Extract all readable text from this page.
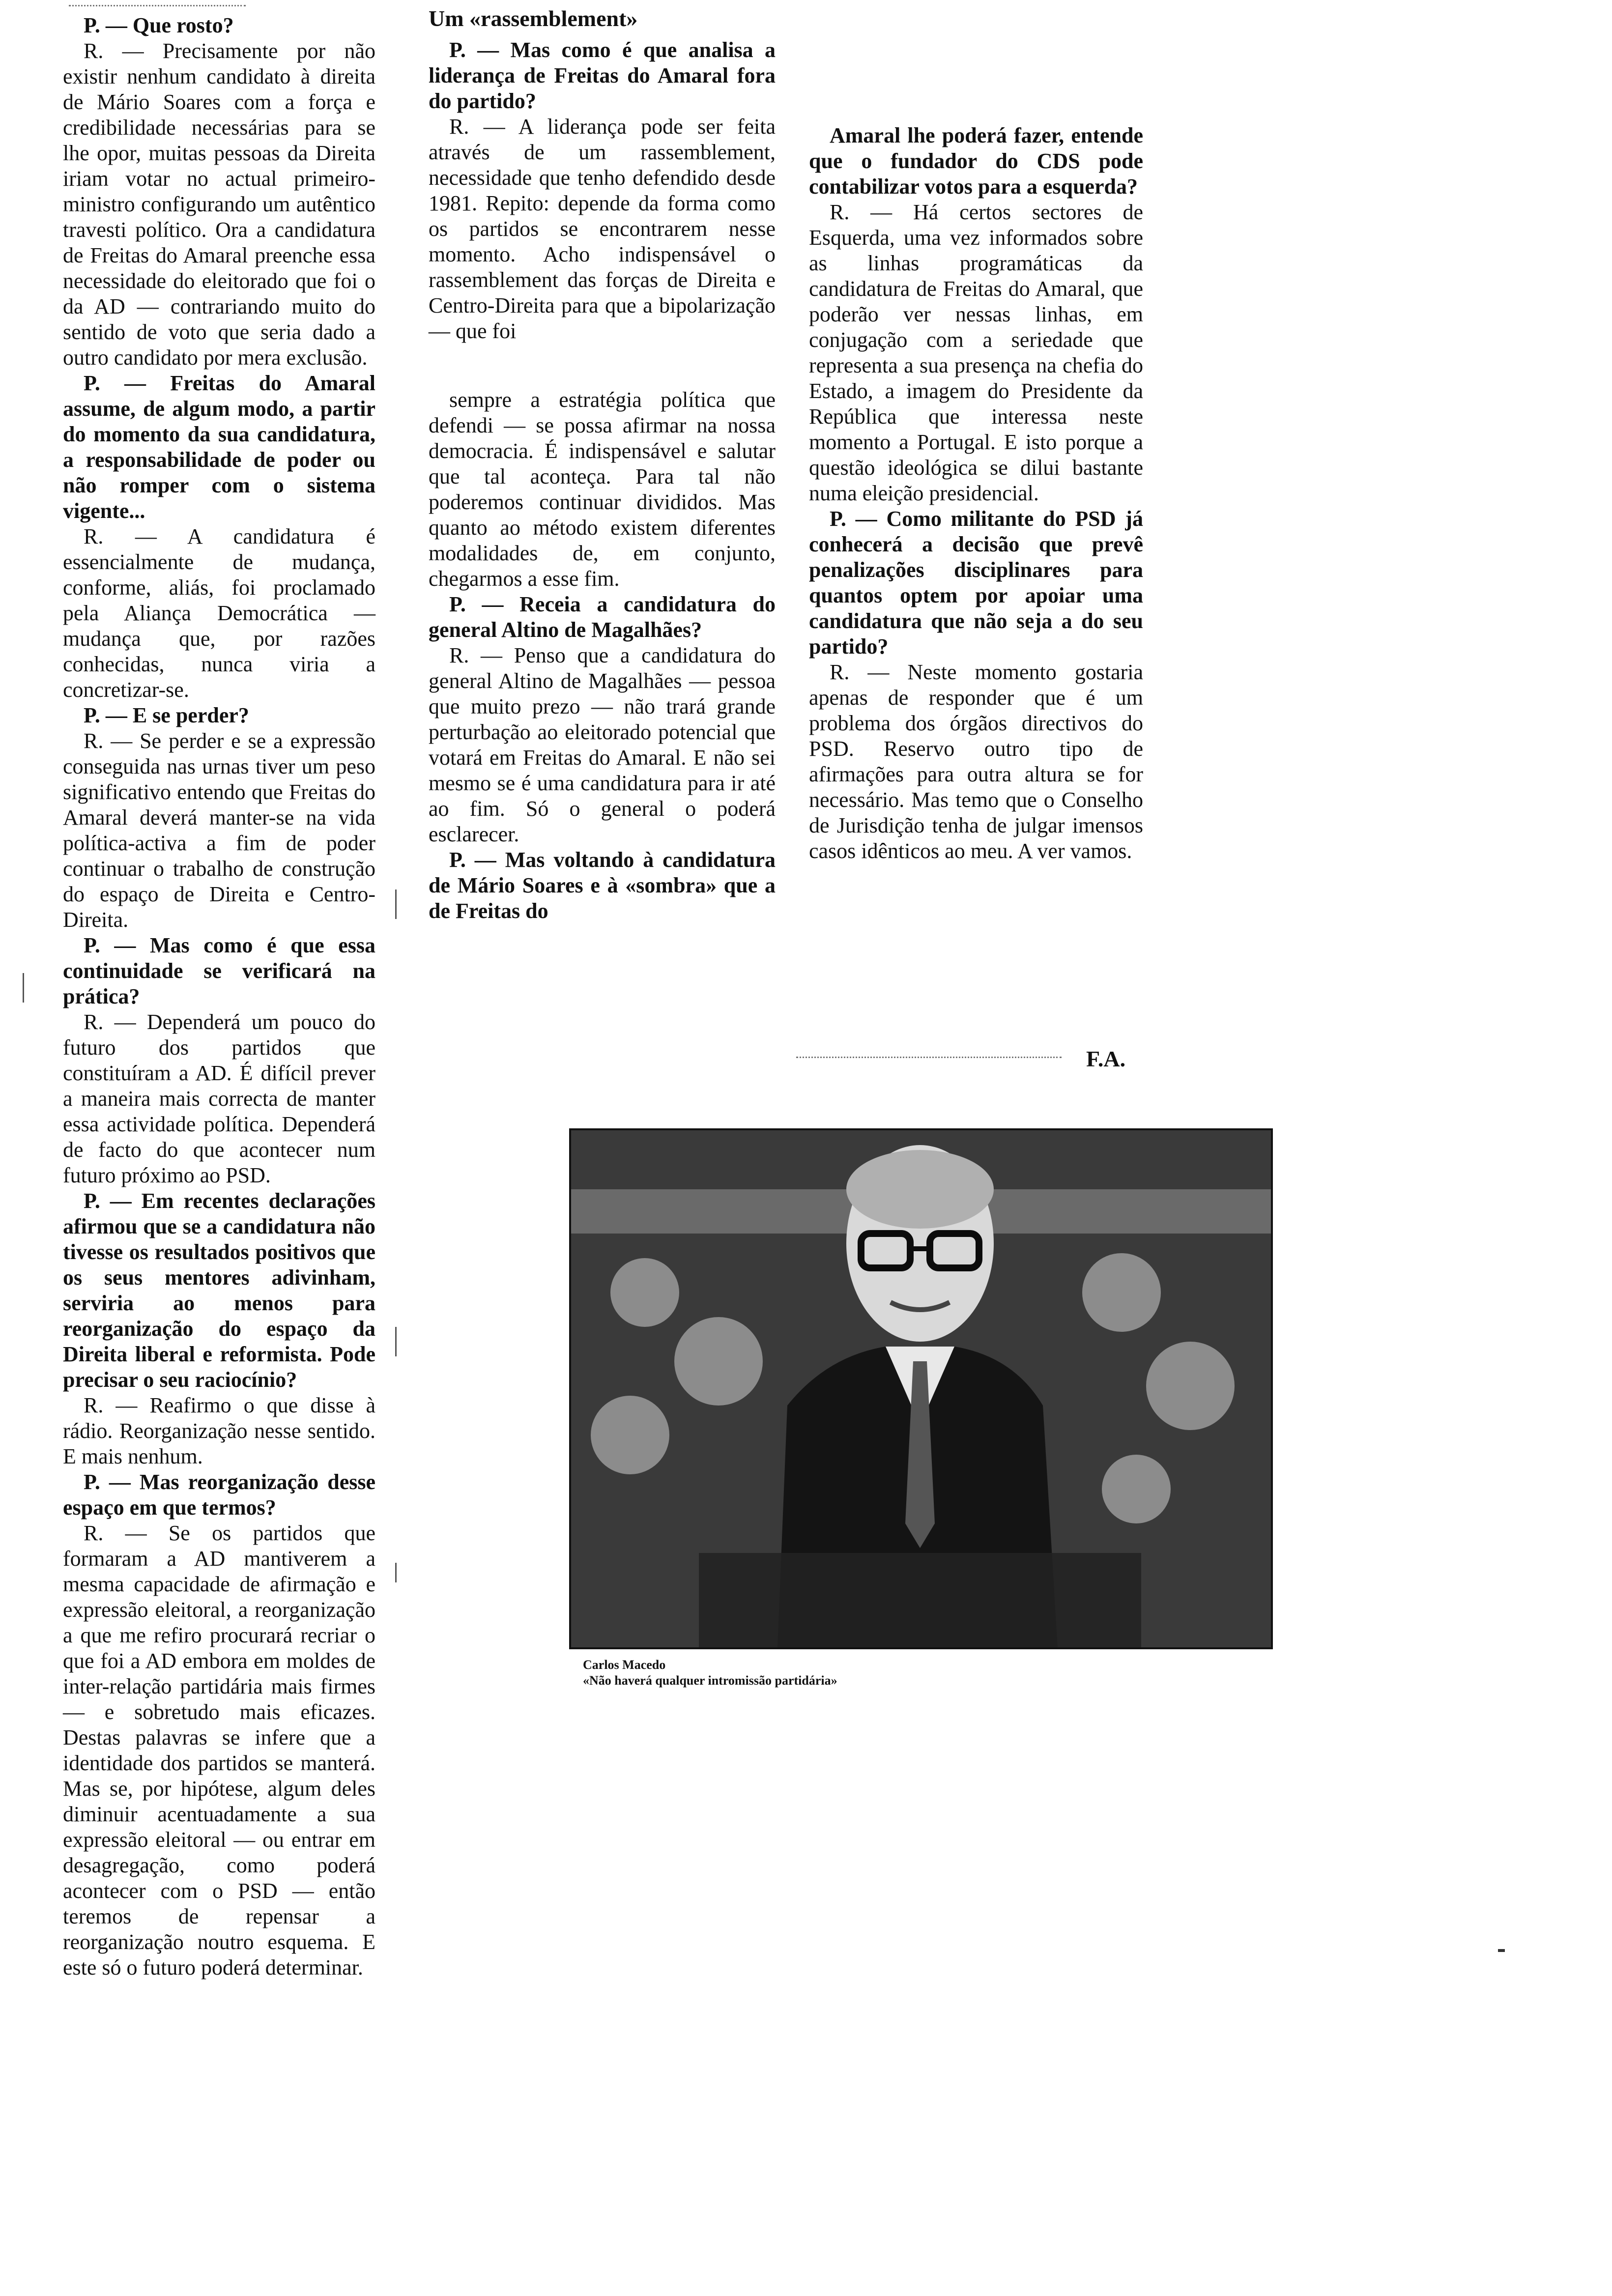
P. — Que rosto?

R. — Precisamente por não existir nenhum candidato à direita de Mário Soares com a força e credibilidade necessárias para se lhe opor, muitas pessoas da Direita iriam votar no actual primeiro-ministro configurando um autêntico travesti político. Ora a candidatura de Freitas do Amaral preenche essa necessidade do eleitorado que foi o da AD — contrariando muito do sentido de voto que seria dado a outro candidato por mera exclusão.

P. — Freitas do Amaral assume, de algum modo, a partir do momento da sua candidatura, a responsabilidade de poder ou não romper com o sistema vigente...

R. — A candidatura é essencialmente de mudança, conforme, aliás, foi proclamado pela Aliança Democrática — mudança que, por razões conhecidas, nunca viria a concretizar-se.

P. — E se perder?

R. — Se perder e se a expressão conseguida nas urnas tiver um peso significativo entendo que Freitas do Amaral deverá manter-se na vida política-activa a fim de poder continuar o trabalho de construção do espaço de Direita e Centro-Direita.

P. — Mas como é que essa continuidade se verificará na prática?

R. — Dependerá um pouco do futuro dos partidos que constituíram a AD. É difícil prever a maneira mais correcta de manter essa actividade política. Dependerá de facto do que acontecer num futuro próximo ao PSD.

P. — Em recentes declarações afirmou que se a candidatura não tivesse os resultados positivos que os seus mentores adivinham, serviria ao menos para reorganização do espaço da Direita liberal e reformista. Pode precisar o seu raciocínio?

R. — Reafirmo o que disse à rádio. Reorganização nesse sentido. E mais nenhum.

P. — Mas reorganização desse espaço em que termos?

R. — Se os partidos que formaram a AD mantiverem a mesma capacidade de afirmação e expressão eleitoral, a reorganização a que me refiro procurará recriar o que foi a AD embora em moldes de inter-relação partidária mais firmes — e sobretudo mais eficazes. Destas palavras se infere que a identidade dos partidos se manterá. Mas se, por hipótese, algum deles diminuir acentuadamente a sua expressão eleitoral — ou entrar em desagregação, como poderá acontecer com o PSD — então teremos de repensar a reorganização noutro esquema. E este só o futuro poderá determinar.

Um «rassemblement»

P. — Mas como é que analisa a liderança de Freitas do Amaral fora do partido?

R. — A liderança pode ser feita através de um rassemblement, necessidade que tenho defendido desde 1981. Repito: depende da forma como os partidos se encontrarem nesse momento. Acho indispensável o rassemblement das forças de Direita e Centro-Direita para que a bipolarização — que foi

sempre a estratégia política que defendi — se possa afirmar na nossa democracia. É indispensável e salutar que tal aconteça. Para tal não poderemos continuar divididos. Mas quanto ao método existem diferentes modalidades de, em conjunto, chegarmos a esse fim.

P. — Receia a candidatura do general Altino de Magalhães?

R. — Penso que a candidatura do general Altino de Magalhães — pessoa que muito prezo — não trará grande perturbação ao eleitorado potencial que votará em Freitas do Amaral. E não sei mesmo se é uma candidatura para ir até ao fim. Só o general o poderá esclarecer.

P. — Mas voltando à candidatura de Mário Soares e à «sombra» que a de Freitas do

Amaral lhe poderá fazer, entende que o fundador do CDS pode contabilizar votos para a esquerda?

R. — Há certos sectores de Esquerda, uma vez informados sobre as linhas programáticas da candidatura de Freitas do Amaral, que poderão ver nessas linhas, em conjugação com a seriedade que representa a sua presença na chefia do Estado, a imagem do Presidente da República que interessa neste momento a Portugal. E isto porque a questão ideológica se dilui bastante numa eleição presidencial.

P. — Como militante do PSD já conhecerá a decisão que prevê penalizações disciplinares para quantos optem por apoiar uma candidatura que não seja a do seu partido?

R. — Neste momento gostaria apenas de responder que é um problema dos órgãos directivos do PSD. Reservo outro tipo de afirmações para outra altura se for necessário. Mas temo que o Conselho de Jurisdição tenha de julgar imensos casos idênticos ao meu. A ver vamos.

F.A.
Carlos Macedo
«Não haverá qualquer intromissão partidária»
